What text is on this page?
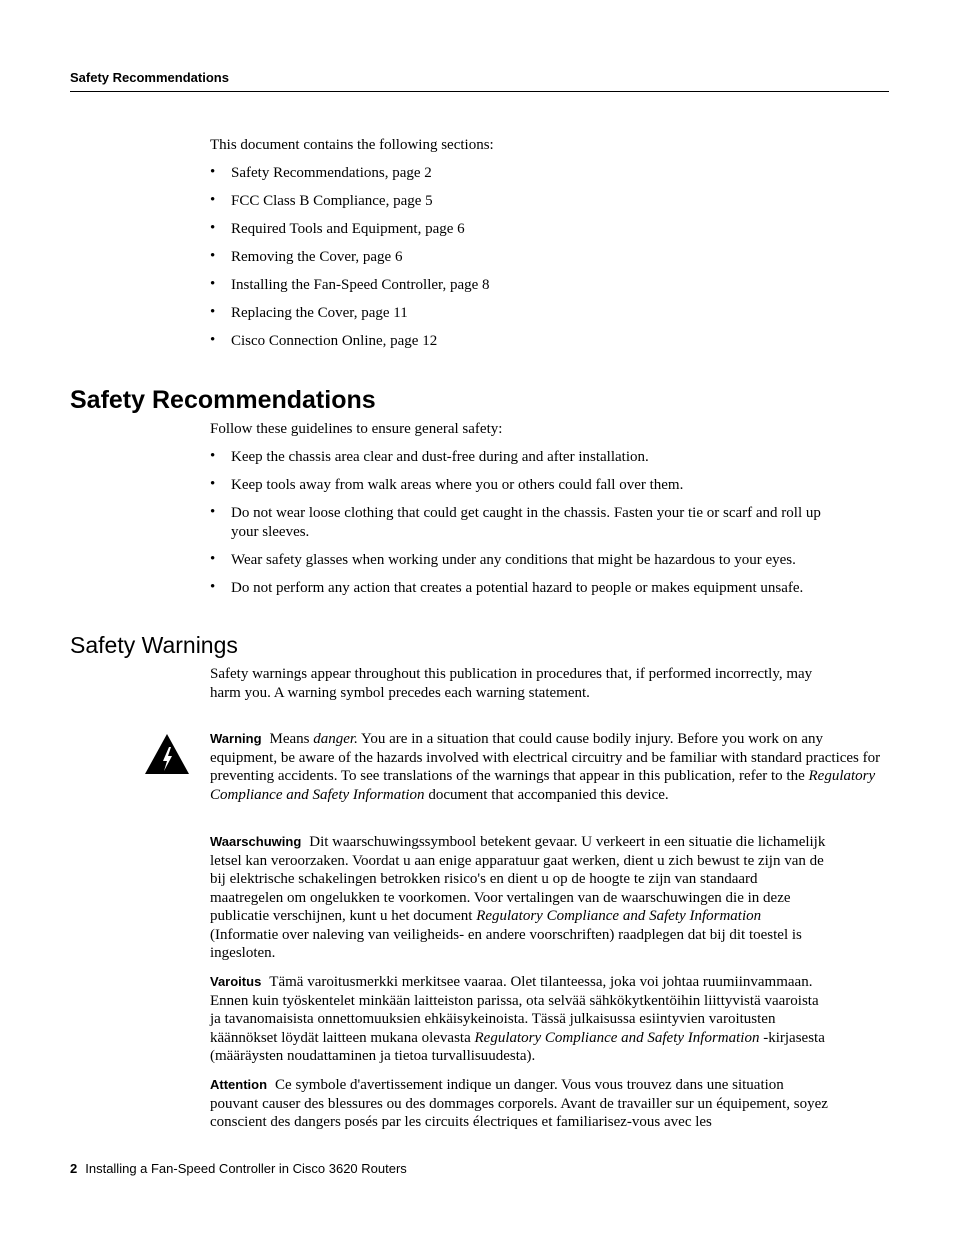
Safety Recommendations
This document contains the following sections:
• Safety Recommendations, page 2
• FCC Class B Compliance, page 5
• Required Tools and Equipment, page 6
• Removing the Cover, page 6
• Installing the Fan-Speed Controller, page 8
• Replacing the Cover, page 11
• Cisco Connection Online, page 12
Safety Recommendations
Follow these guidelines to ensure general safety:
• Keep the chassis area clear and dust-free during and after installation.
• Keep tools away from walk areas where you or others could fall over them.
• Do not wear loose clothing that could get caught in the chassis. Fasten your tie or scarf and roll up your sleeves.
• Wear safety glasses when working under any conditions that might be hazardous to your eyes.
• Do not perform any action that creates a potential hazard to people or makes equipment unsafe.
Safety Warnings
Safety warnings appear throughout this publication in procedures that, if performed incorrectly, may harm you. A warning symbol precedes each warning statement.

Warning Means danger. You are in a situation that could cause bodily injury. Before you work on any equipment, be aware of the hazards involved with electrical circuitry and be familiar with standard practices for preventing accidents. To see translations of the warnings that appear in this publication, refer to the Regulatory Compliance and Safety Information document that accompanied this device.

Waarschuwing Dit waarschuwingssymbool betekent gevaar. U verkeert in een situatie die lichamelijk letsel kan veroorzaken. Voordat u aan enige apparatuur gaat werken, dient u zich bewust te zijn van de bij elektrische schakelingen betrokken risico's en dient u op de hoogte te zijn van standaard maatregelen om ongelukken te voorkomen. Voor vertalingen van de waarschuwingen die in deze publicatie verschijnen, kunt u het document Regulatory Compliance and Safety Information (Informatie over naleving van veiligheids- en andere voorschriften) raadplegen dat bij dit toestel is ingesloten.

Varoitus Tämä varoitusmerkki merkitsee vaaraa. Olet tilanteessa, joka voi johtaa ruumiinvammaan. Ennen kuin työskentelet minkään laitteiston parissa, ota selvää sähkökytkentöihin liittyvistä vaaroista ja tavanomaisista onnettomuuksien ehkäisykeinoista. Tässä julkaisussa esiintyvien varoitusten käännökset löydät laitteen mukana olevasta Regulatory Compliance and Safety Information -kirjasesta (määräysten noudattaminen ja tietoa turvallisuudesta).

Attention Ce symbole d'avertissement indique un danger. Vous vous trouvez dans une situation pouvant causer des blessures ou des dommages corporels. Avant de travailler sur un équipement, soyez conscient des dangers posés par les circuits électriques et familiarisez-vous avec les

2 Installing a Fan-Speed Controller in Cisco 3620 Routers
